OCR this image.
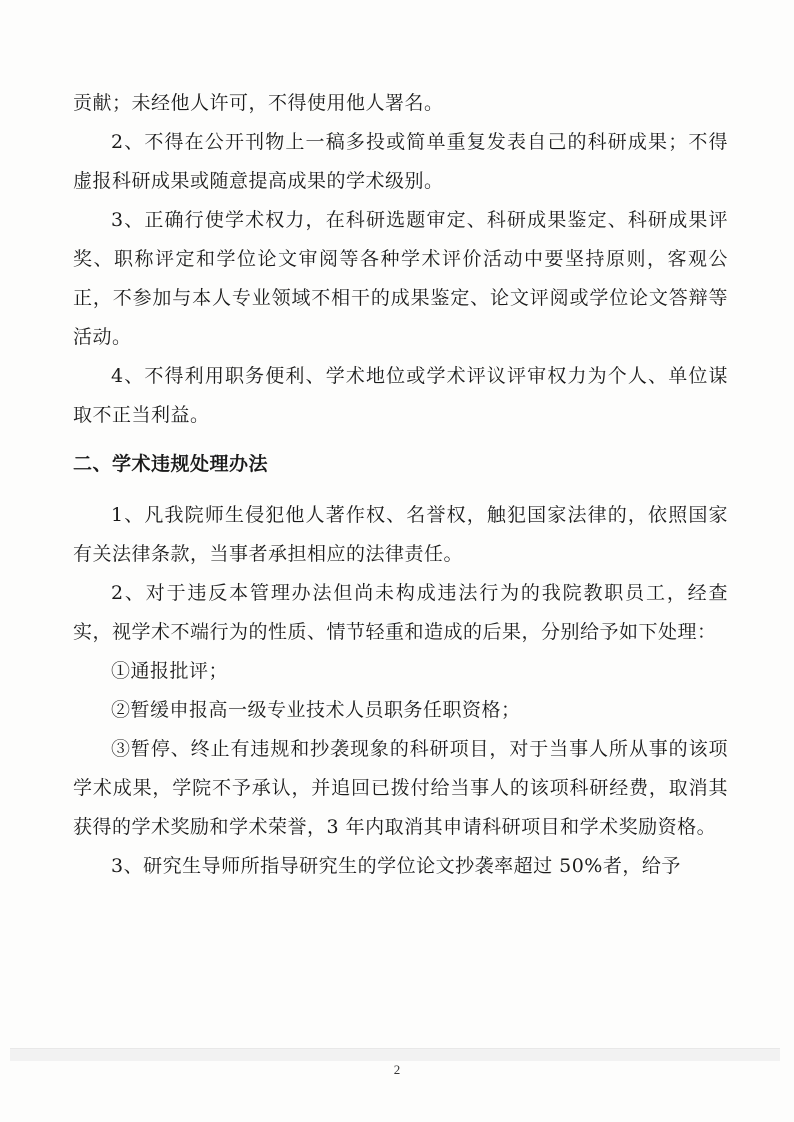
贡献；未经他人许可，不得使用他人署名。

2、不得在公开刊物上一稿多投或简单重复发表自己的科研成果；不得虚报科研成果或随意提高成果的学术级别。

3、正确行使学术权力，在科研选题审定、科研成果鉴定、科研成果评奖、职称评定和学位论文审阅等各种学术评价活动中要坚持原则，客观公正，不参加与本人专业领域不相干的成果鉴定、论文评阅或学位论文答辩等活动。

4、不得利用职务便利、学术地位或学术评议评审权力为个人、单位谋取不正当利益。

二、学术违规处理办法

1、凡我院师生侵犯他人著作权、名誉权，触犯国家法律的，依照国家有关法律条款，当事者承担相应的法律责任。

2、对于违反本管理办法但尚未构成违法行为的我院教职员工，经查实，视学术不端行为的性质、情节轻重和造成的后果，分别给予如下处理：

①通报批评；

②暂缓申报高一级专业技术人员职务任职资格；

③暂停、终止有违规和抄袭现象的科研项目，对于当事人所从事的该项学术成果，学院不予承认，并追回已拨付给当事人的该项科研经费，取消其获得的学术奖励和学术荣誉，3 年内取消其申请科研项目和学术奖励资格。

3、研究生导师所指导研究生的学位论文抄袭率超过 50%者，给予

2
